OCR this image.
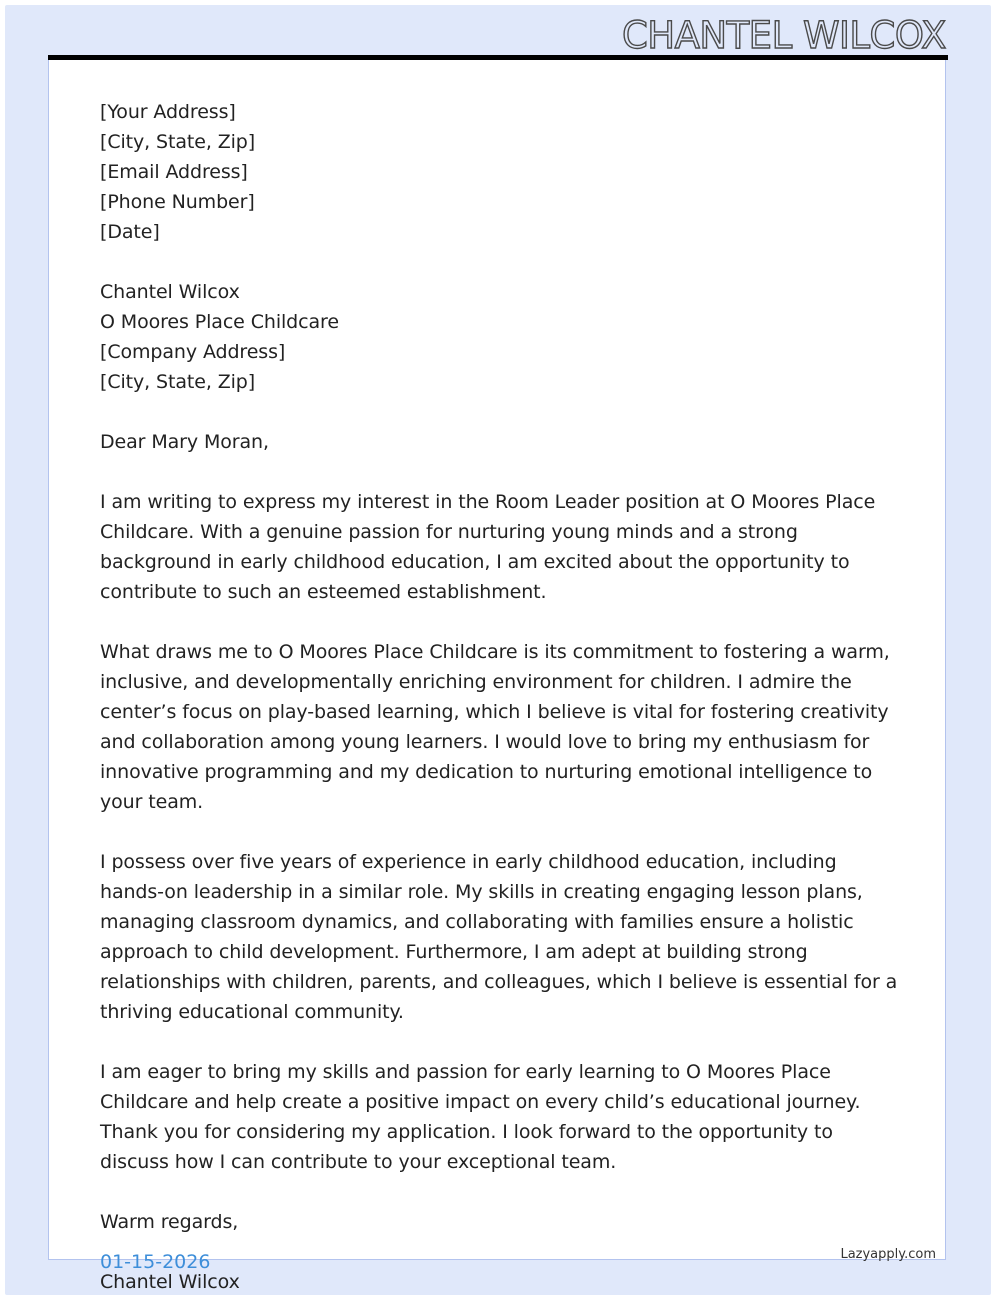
CHANTEL WILCOX
[Your Address]
[City, State, Zip]
[Email Address]
[Phone Number]
[Date]
Chantel Wilcox
O Moores Place Childcare
[Company Address]
[City, State, Zip]

Dear Mary Moran,

I am writing to express my interest in the Room Leader position at O Moores Place Childcare. With a genuine passion for nurturing young minds and a strong background in early childhood education, I am excited about the opportunity to contribute to such an esteemed establishment.

What draws me to O Moores Place Childcare is its commitment to fostering a warm, inclusive, and developmentally enriching environment for children. I admire the center’s focus on play-based learning, which I believe is vital for fostering creativity and collaboration among young learners. I would love to bring my enthusiasm for innovative programming and my dedication to nurturing emotional intelligence to your team.

I possess over five years of experience in early childhood education, including hands-on leadership in a similar role. My skills in creating engaging lesson plans, managing classroom dynamics, and collaborating with families ensure a holistic approach to child development. Furthermore, I am adept at building strong relationships with children, parents, and colleagues, which I believe is essential for a thriving educational community.

I am eager to bring my skills and passion for early learning to O Moores Place Childcare and help create a positive impact on every child’s educational journey. Thank you for considering my application. I look forward to the opportunity to discuss how I can contribute to your exceptional team.

Warm regards,

Chantel Wilcox

01-15-2026	Lazyapply.com
